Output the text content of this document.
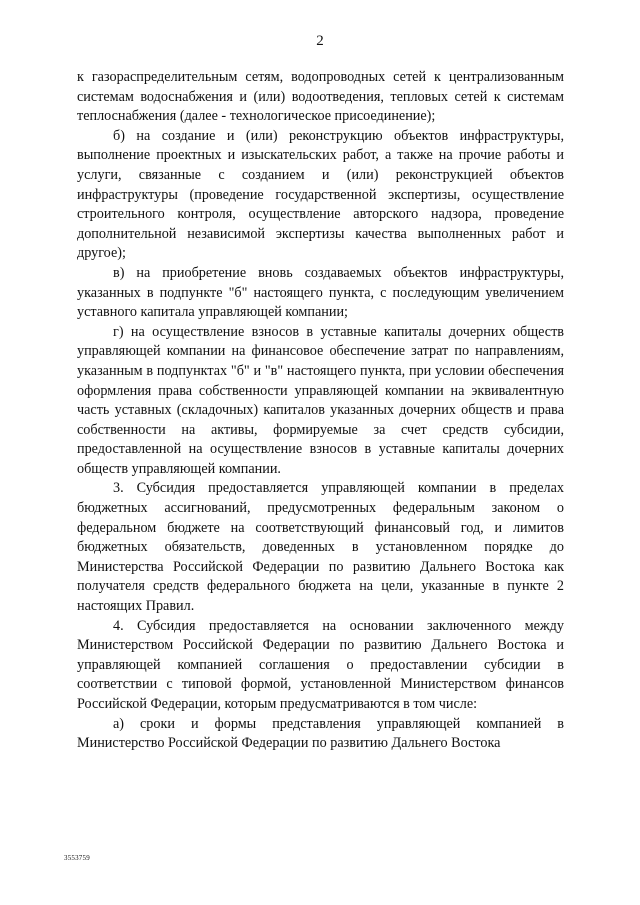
2

к газораспределительным сетям, водопроводных сетей к централизованным системам водоснабжения и (или) водоотведения, тепловых сетей к системам теплоснабжения (далее - технологическое присоединение);

б) на создание и (или) реконструкцию объектов инфраструктуры, выполнение проектных и изыскательских работ, а также на прочие работы и услуги, связанные с созданием и (или) реконструкцией объектов инфраструктуры (проведение государственной экспертизы, осуществление строительного контроля, осуществление авторского надзора, проведение дополнительной независимой экспертизы качества выполненных работ и другое);

в) на приобретение вновь создаваемых объектов инфраструктуры, указанных в подпункте "б" настоящего пункта, с последующим увеличением уставного капитала управляющей компании;

г) на осуществление взносов в уставные капиталы дочерних обществ управляющей компании на финансовое обеспечение затрат по направлениям, указанным в подпунктах "б" и "в" настоящего пункта, при условии обеспечения оформления права собственности управляющей компании на эквивалентную часть уставных (складочных) капиталов указанных дочерних обществ и права собственности на активы, формируемые за счет средств субсидии, предоставленной на осуществление взносов в уставные капиталы дочерних обществ управляющей компании.

3. Субсидия предоставляется управляющей компании в пределах бюджетных ассигнований, предусмотренных федеральным законом о федеральном бюджете на соответствующий финансовый год, и лимитов бюджетных обязательств, доведенных в установленном порядке до Министерства Российской Федерации по развитию Дальнего Востока как получателя средств федерального бюджета на цели, указанные в пункте 2 настоящих Правил.

4. Субсидия предоставляется на основании заключенного между Министерством Российской Федерации по развитию Дальнего Востока и управляющей компанией соглашения о предоставлении субсидии в соответствии с типовой формой, установленной Министерством финансов Российской Федерации, которым предусматриваются в том числе:

а) сроки и формы представления управляющей компанией в Министерство Российской Федерации по развитию Дальнего Востока

3553759
